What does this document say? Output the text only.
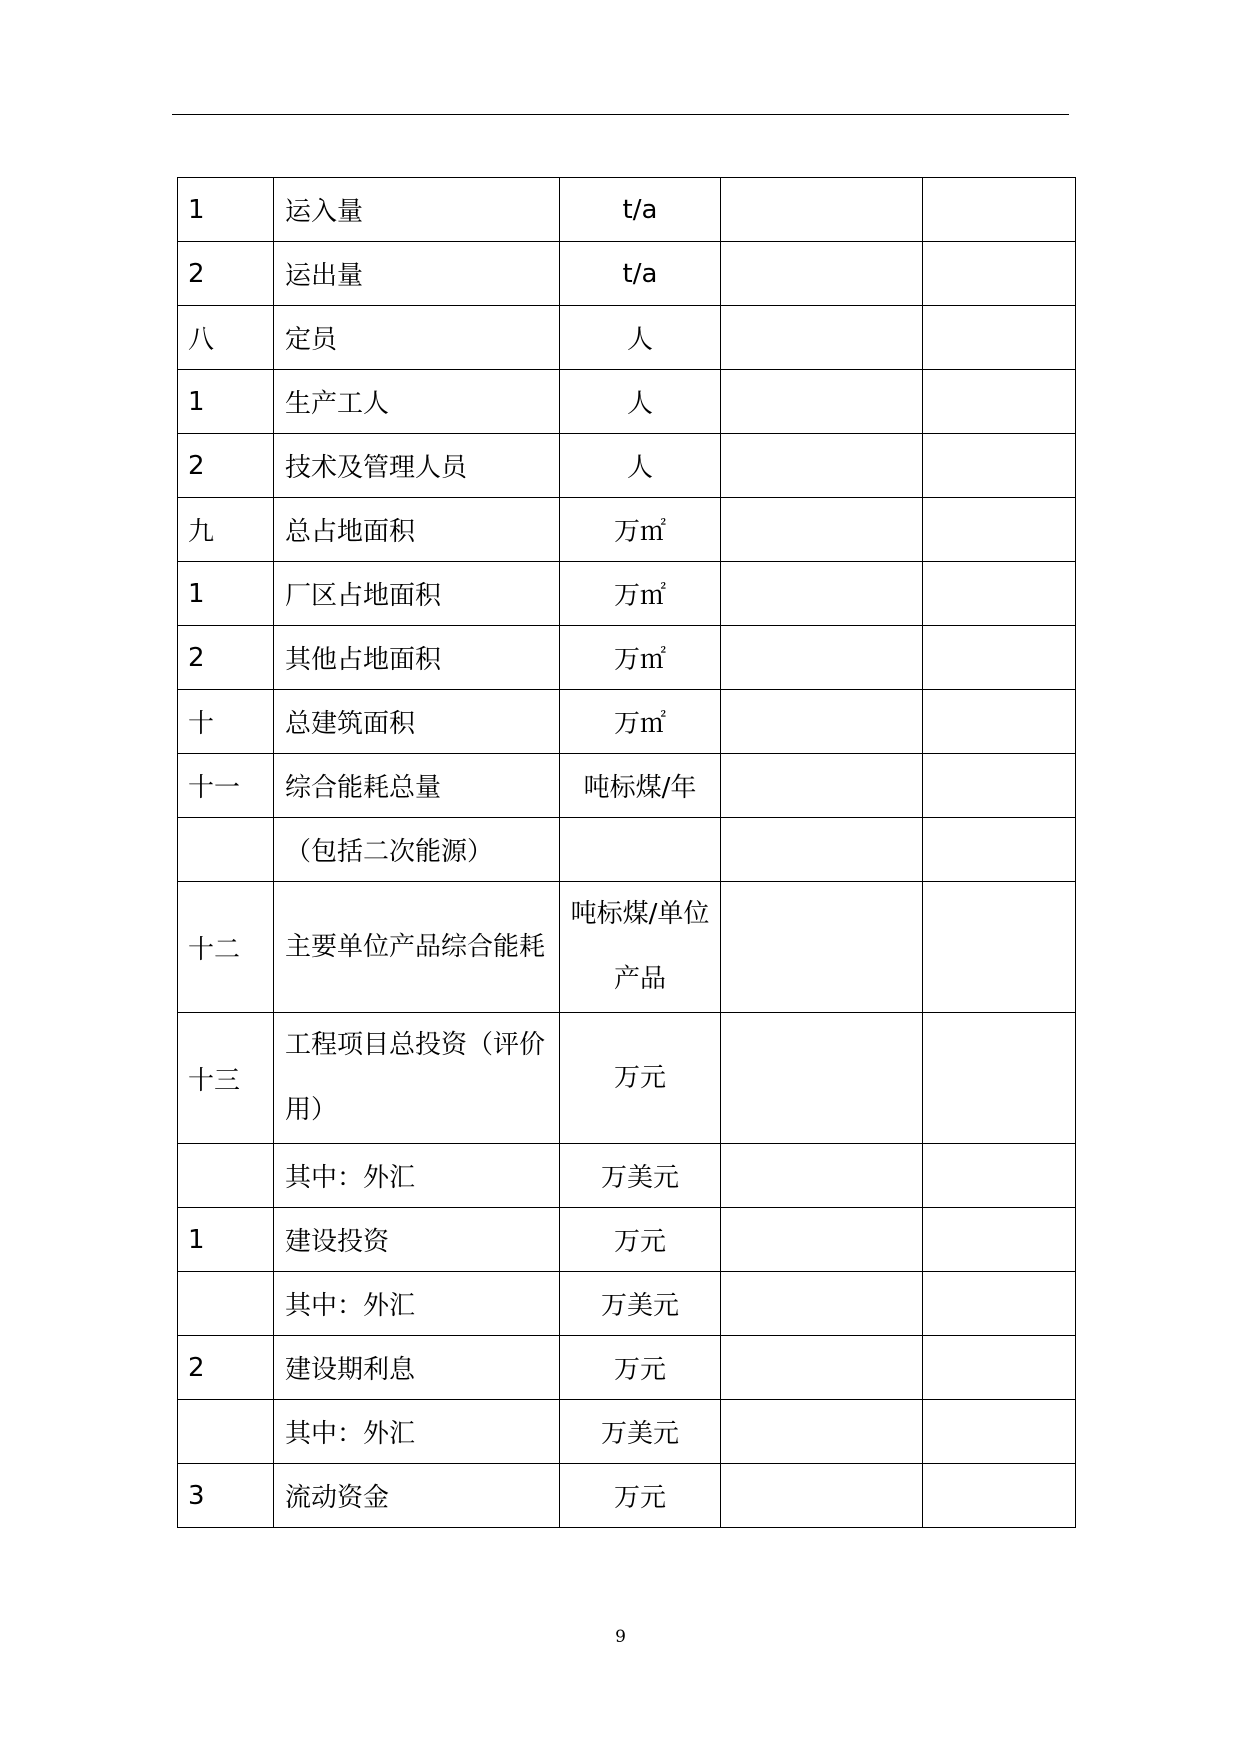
1	运入量	t/a		
2	运出量	t/a		
八	定员	人		
1	生产工人	人		
2	技术及管理人员	人		
九	总占地面积	万㎡		
1	厂区占地面积	万㎡		
2	其他占地面积	万㎡		
十	总建筑面积	万㎡		
十一	综合能耗总量	吨标煤/年		
	（包括二次能源）			
十二	主要单位产品综合能耗	吨标煤/单位产品		
十三	工程项目总投资（评价用）	万元		
	其中：外汇	万美元		
1	建设投资	万元		
	其中：外汇	万美元		
2	建设期利息	万元		
	其中：外汇	万美元		
3	流动资金	万元		
9
